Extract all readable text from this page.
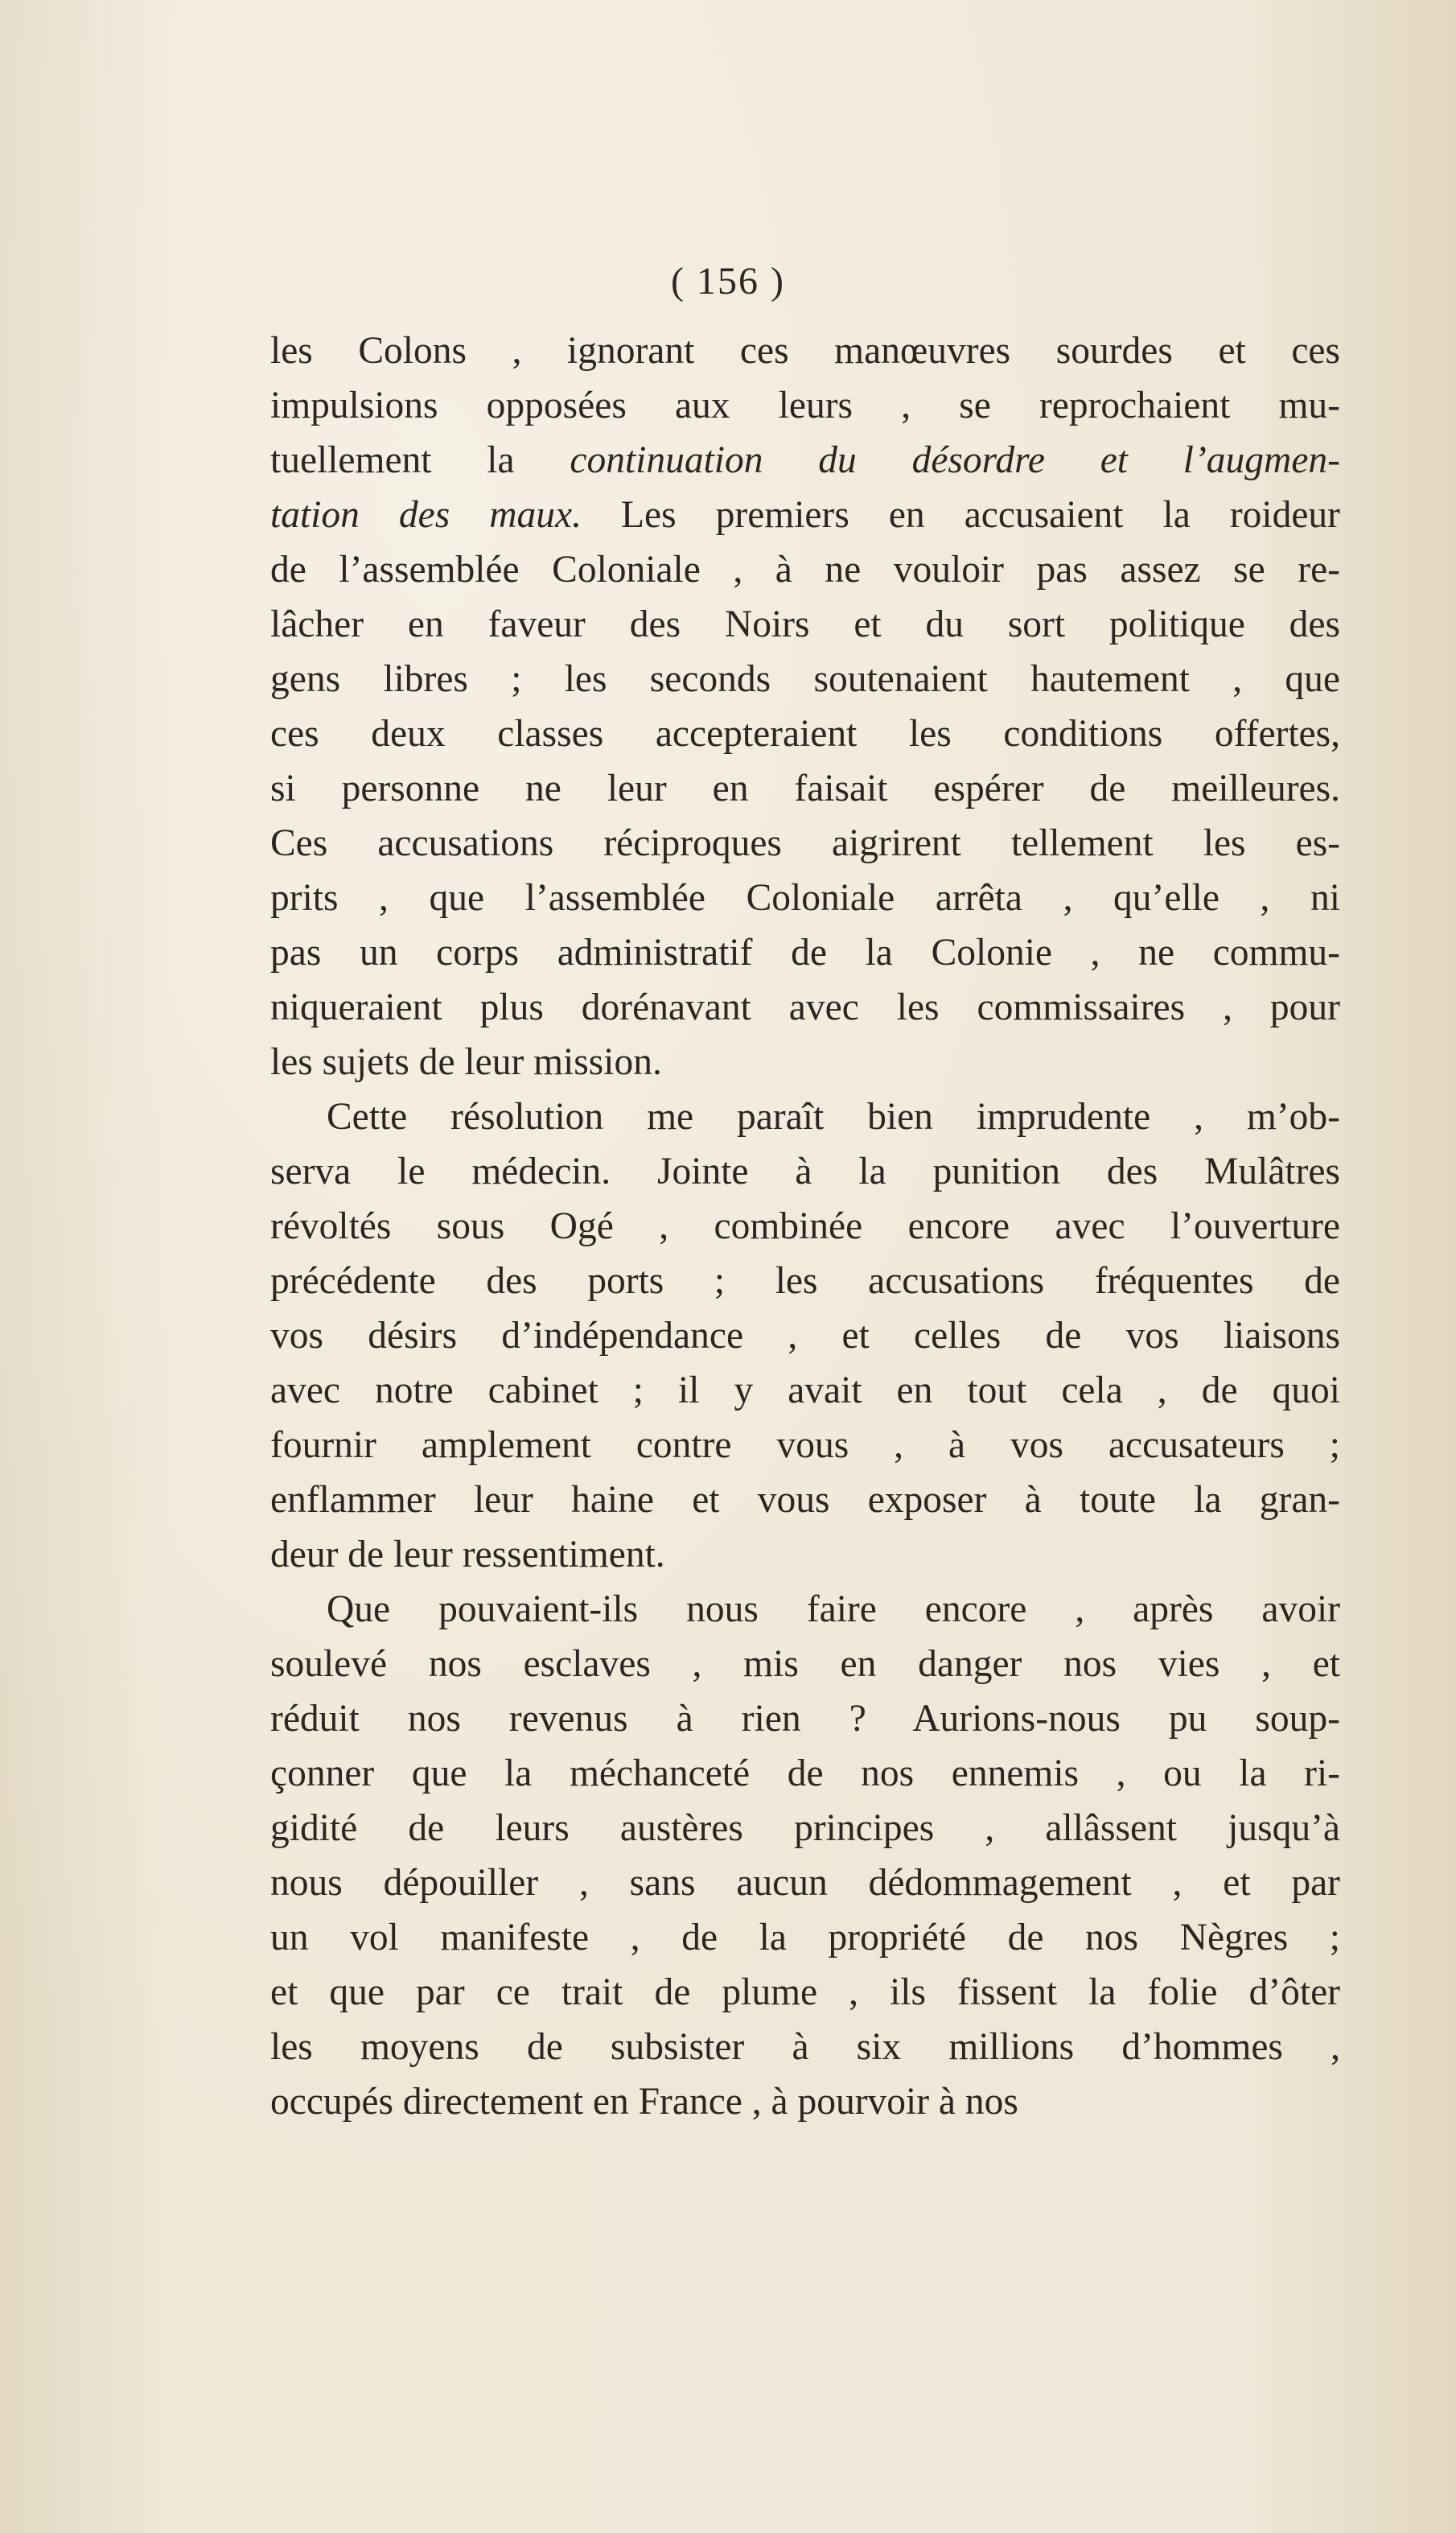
( 156 )
les Colons , ignorant ces manœuvres sourdes et ces
impulsions opposées aux leurs , se reprochaient mu-
tuellement la continuation du désordre et l’augmen-
tation des maux. Les premiers en accusaient la roideur
de l’assemblée Coloniale , à ne vouloir pas assez se re-
lâcher en faveur des Noirs et du sort politique des
gens libres ; les seconds soutenaient hautement , que
ces deux classes accepteraient les conditions offertes,
si personne ne leur en faisait espérer de meilleures.
Ces accusations réciproques aigrirent tellement les es-
prits , que l’assemblée Coloniale arrêta , qu’elle , ni
pas un corps administratif de la Colonie , ne commu-
niqueraient plus dorénavant avec les commissaires , pour
les sujets de leur mission.
Cette résolution me paraît bien imprudente , m’ob-
serva le médecin. Jointe à la punition des Mulâtres
révoltés sous Ogé , combinée encore avec l’ouverture
précédente des ports ; les accusations fréquentes de
vos désirs d’indépendance , et celles de vos liaisons
avec notre cabinet ; il y avait en tout cela , de quoi
fournir amplement contre vous , à vos accusateurs ;
enflammer leur haine et vous exposer à toute la gran-
deur de leur ressentiment.
Que pouvaient-ils nous faire encore , après avoir
soulevé nos esclaves , mis en danger nos vies , et
réduit nos revenus à rien ? Aurions-nous pu soup-
çonner que la méchanceté de nos ennemis , ou la ri-
gidité de leurs austères principes , allâssent jusqu’à
nous dépouiller , sans aucun dédommagement , et par
un vol manifeste , de la propriété de nos Nègres ;
et que par ce trait de plume , ils fissent la folie d’ôter
les moyens de subsister à six millions d’hommes ,
occupés directement en France , à pourvoir à nos
